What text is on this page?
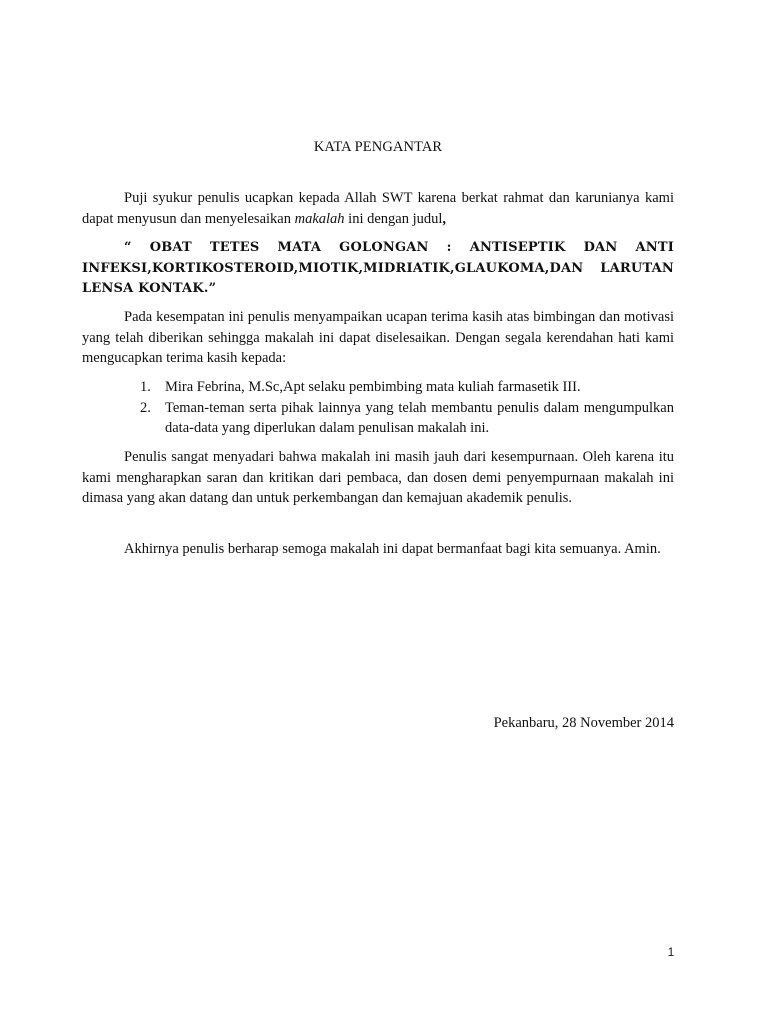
KATA PENGANTAR

Puji syukur penulis ucapkan kepada Allah SWT karena berkat rahmat dan karunianya kami dapat menyusun dan menyelesaikan makalah ini dengan judul,

“ OBAT TETES MATA GOLONGAN : ANTISEPTIK DAN ANTI INFEKSI,KORTIKOSTEROID,MIOTIK,MIDRIATIK,GLAUKOMA,DAN LARUTAN LENSA KONTAK.”

Pada kesempatan ini penulis menyampaikan ucapan terima kasih atas bimbingan dan motivasi yang telah diberikan sehingga makalah ini dapat diselesaikan. Dengan segala kerendahan hati kami mengucapkan terima kasih kepada:

1. Mira Febrina, M.Sc,Apt selaku pembimbing mata kuliah farmasetik III.
2. Teman-teman serta pihak lainnya yang telah membantu penulis dalam mengumpulkan data-data yang diperlukan dalam penulisan makalah ini.

Penulis sangat menyadari bahwa makalah ini masih jauh dari kesempurnaan. Oleh karena itu kami mengharapkan saran dan kritikan dari pembaca, dan dosen demi penyempurnaan makalah ini dimasa yang akan datang dan untuk perkembangan dan kemajuan akademik penulis.

Akhirnya penulis berharap semoga makalah ini dapat bermanfaat bagi kita semuanya. Amin.

Pekanbaru, 28 November 2014
1
